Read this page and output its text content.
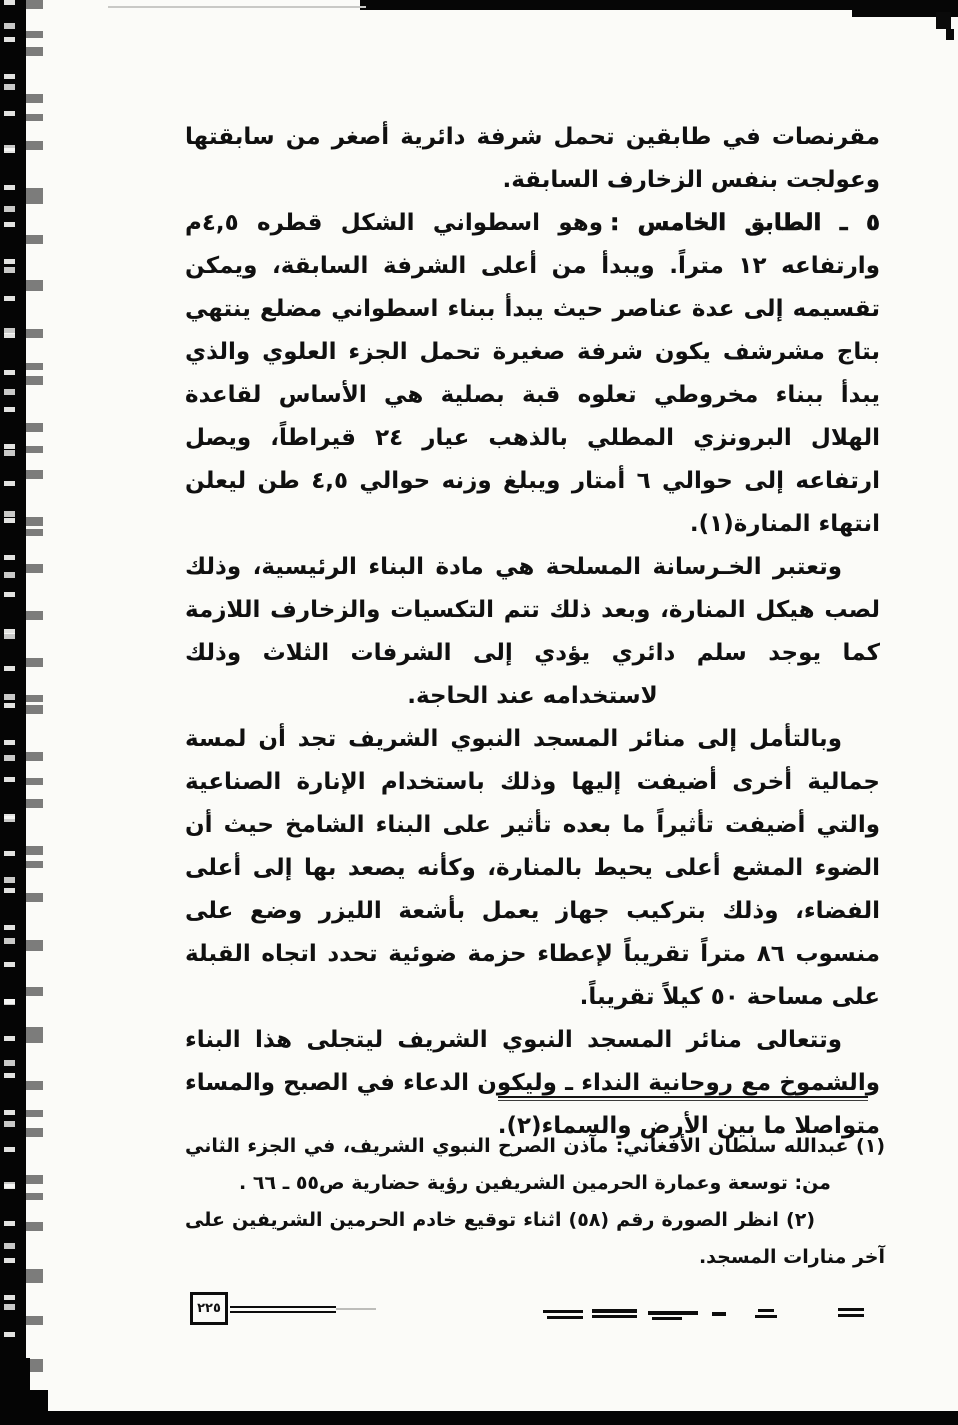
مقرنصات في طابقين تحمل شرفة دائرية أصغر من سابقتها وعولجت بنفس الزخارف السابقة.

٥ ـ الطابق الخامس :وهو اسطواني الشكل قطره ٤,٥م وارتفاعه ١٢ متراً. ويبدأ من أعلى الشرفة السابقة، ويمكن تقسيمه إلى عدة عناصر حيث يبدأ ببناء اسطواني مضلع ينتهي بتاج مشرشف يكون شرفة صغيرة تحمل الجزء العلوي والذي يبدأ ببناء مخروطي تعلوه قبة بصلية هي الأساس لقاعدة الهلال البرونزي المطلي بالذهب عيار ٢٤ قيراطاً، ويصل ارتفاعه إلى حوالي ٦ أمتار ويبلغ وزنه حوالي ٤,٥ طن ليعلن انتهاء المنارة(١).

وتعتبر الخـرسانة المسلحة هي مادة البناء الرئيسية، وذلك لصب هيكل المنارة، وبعد ذلك تتم التكسيات والزخارف اللازمة كما يوجد سلم دائري يؤدي إلى الشرفات الثلاث وذلك لاستخدامه عند الحاجة.

وبالتأمل إلى منائر المسجد النبوي الشريف تجد أن لمسة جمالية أخرى أضيفت إليها وذلك باستخدام الإنارة الصناعية والتي أضيفت تأثيراً ما بعده تأثير على البناء الشامخ حيث أن الضوء المشع أعلى يحيط بالمنارة، وكأنه يصعد بها إلى أعلى الفضاء، وذلك بتركيب جهاز يعمل بأشعة الليزر وضع على منسوب ٨٦ متراً تقريباً لإعطاء حزمة ضوئية تحدد اتجاه القبلة على مساحة ٥٠ كيلاً تقريباً.

وتتعالى منائر المسجد النبوي الشريف ليتجلى هذا البناء والشموخ مع روحانية النداء ـ وليكون الدعاء في الصبح والمساء متواصلا ما بين الأرض والسماء(٢).

(١) عبدالله سلطان الأفغاني: مآذن الصرح النبوي الشريف، في الجزء الثاني من: توسعة وعمارة الحرمين الشريفين رؤية حضارية ص٥٥ ـ ٦٦ .

(٢) انظر الصورة رقم (٥٨) اثناء توقيع خادم الحرمين الشريفين على آخر منارات المسجد.

٢٢٥
